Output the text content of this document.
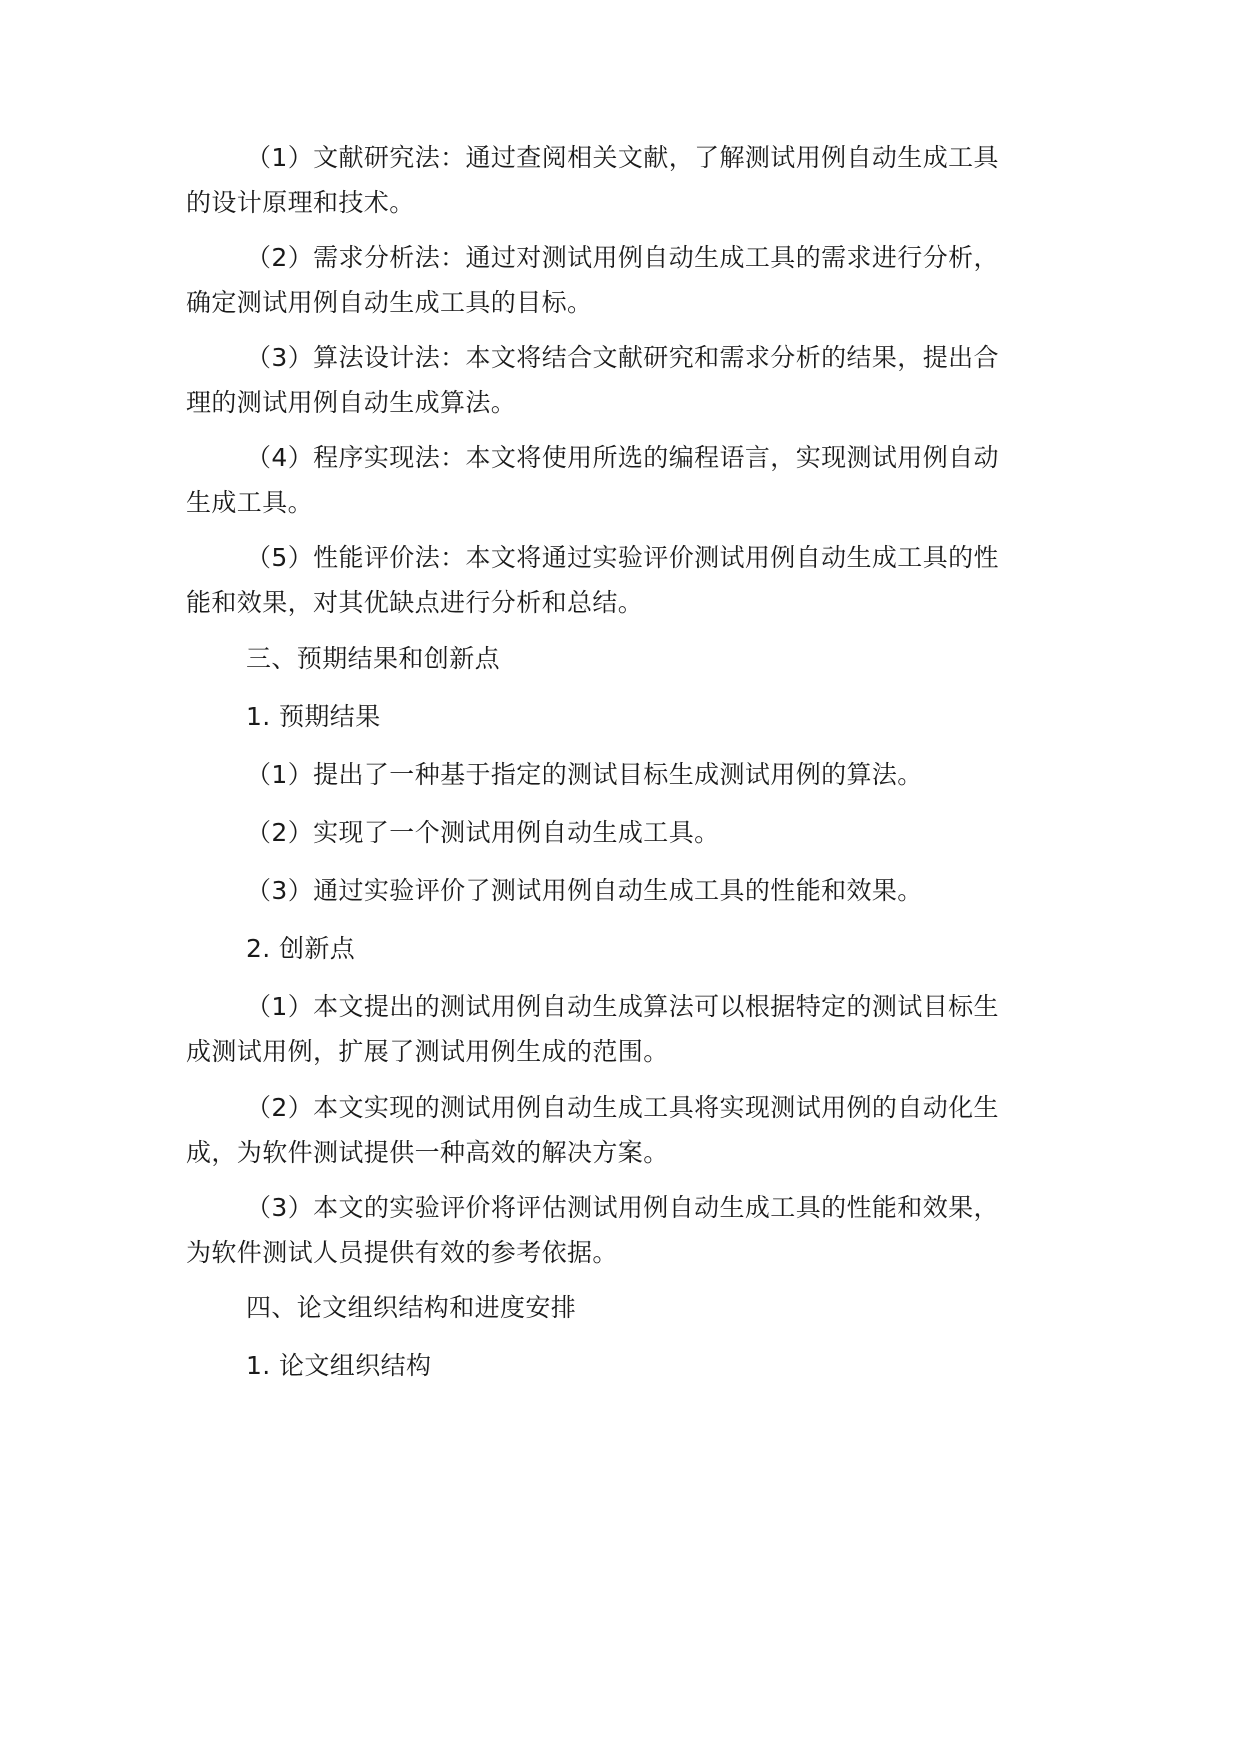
（1）文献研究法：通过查阅相关文献，了解测试用例自动生成工具
的设计原理和技术。
（2）需求分析法：通过对测试用例自动生成工具的需求进行分析，
确定测试用例自动生成工具的目标。
（3）算法设计法：本文将结合文献研究和需求分析的结果，提出合
理的测试用例自动生成算法。
（4）程序实现法：本文将使用所选的编程语言，实现测试用例自动
生成工具。
（5）性能评价法：本文将通过实验评价测试用例自动生成工具的性
能和效果，对其优缺点进行分析和总结。
三、预期结果和创新点
1. 预期结果
（1）提出了一种基于指定的测试目标生成测试用例的算法。
（2）实现了一个测试用例自动生成工具。
（3）通过实验评价了测试用例自动生成工具的性能和效果。
2. 创新点
（1）本文提出的测试用例自动生成算法可以根据特定的测试目标生
成测试用例，扩展了测试用例生成的范围。
（2）本文实现的测试用例自动生成工具将实现测试用例的自动化生
成，为软件测试提供一种高效的解决方案。
（3）本文的实验评价将评估测试用例自动生成工具的性能和效果，
为软件测试人员提供有效的参考依据。
四、论文组织结构和进度安排
1. 论文组织结构
